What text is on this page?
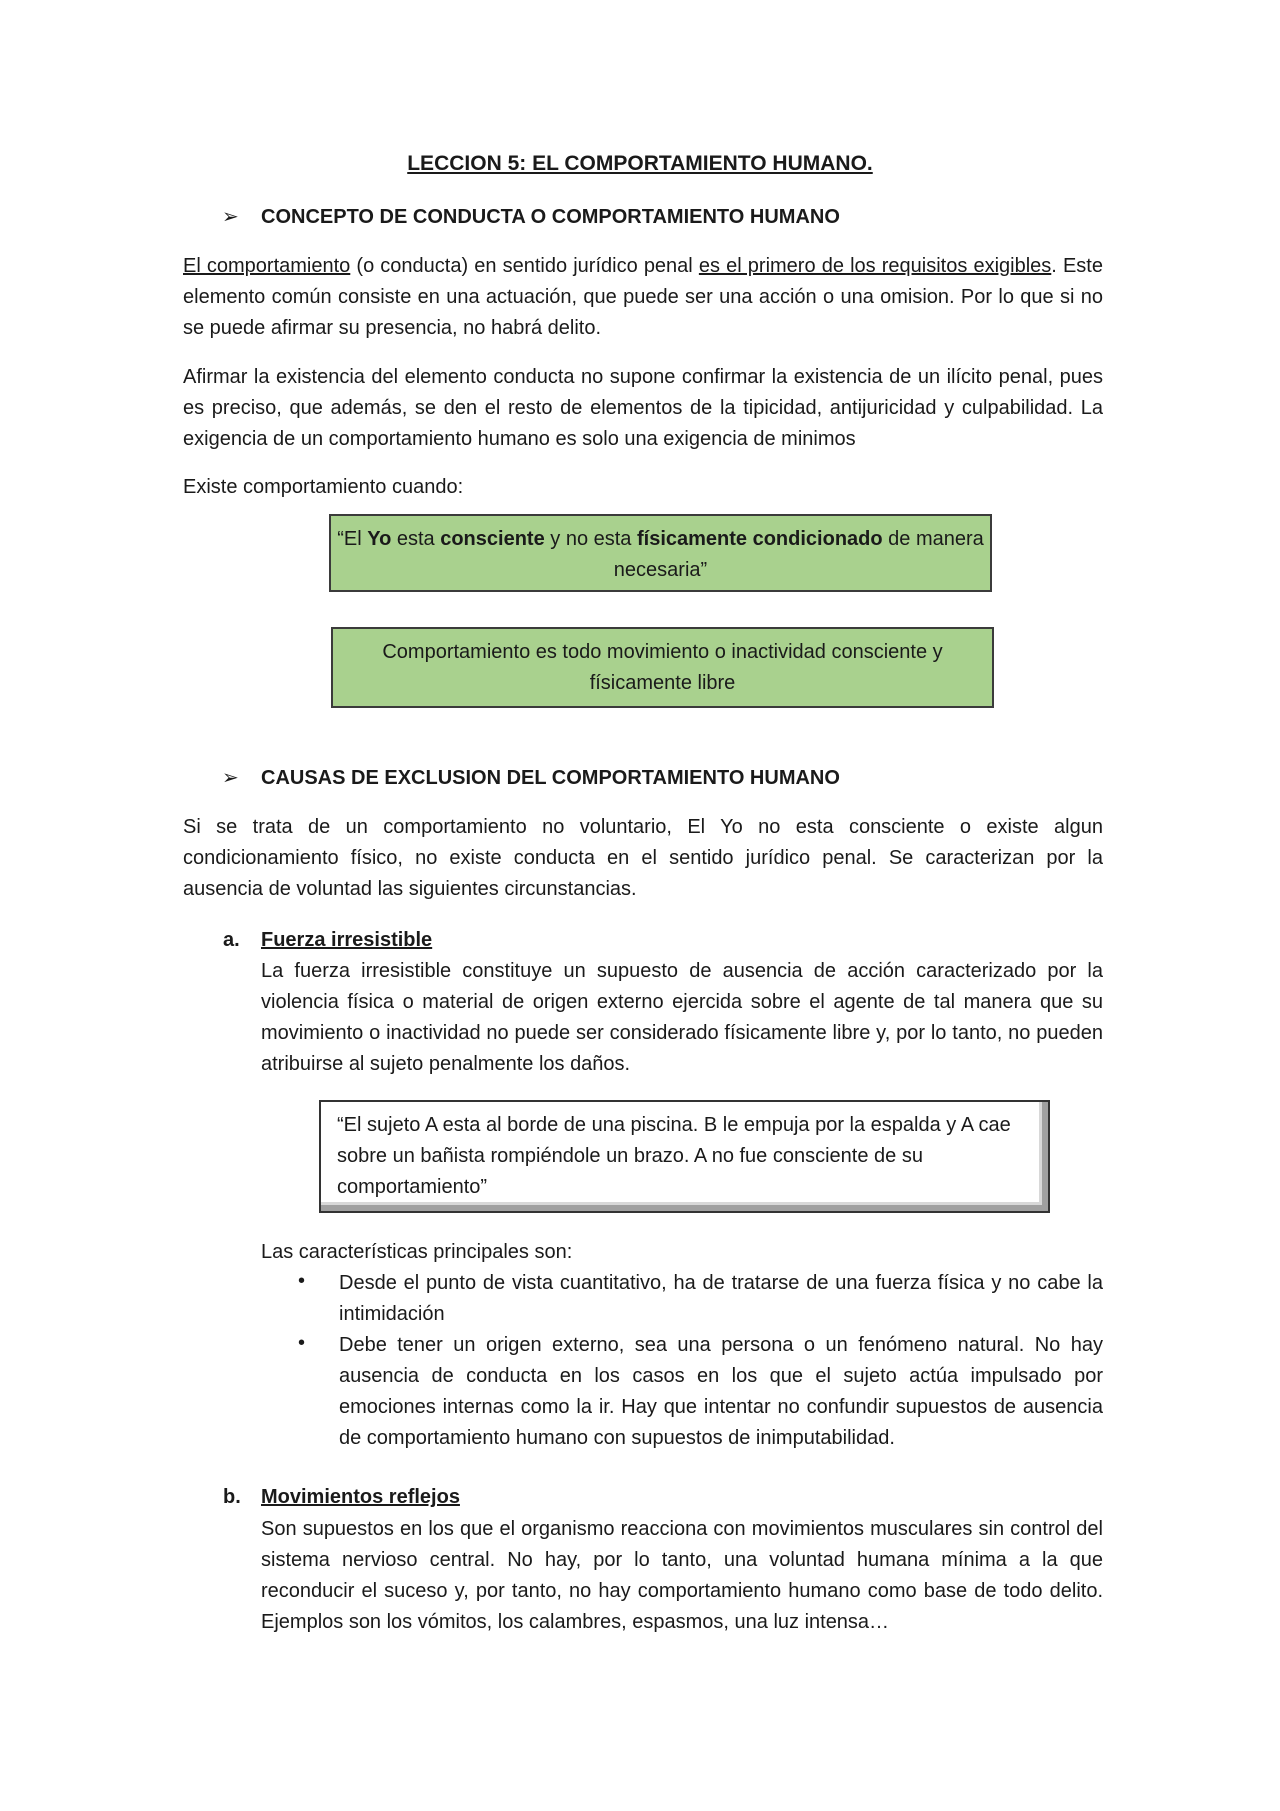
LECCION 5: EL COMPORTAMIENTO HUMANO.
➢ CONCEPTO DE CONDUCTA O COMPORTAMIENTO HUMANO
El comportamiento (o conducta) en sentido jurídico penal es el primero de los requisitos exigibles. Este elemento común consiste en una actuación, que puede ser una acción o una omision. Por lo que si no se puede afirmar su presencia, no habrá delito.
Afirmar la existencia del elemento conducta no supone confirmar la existencia de un ilícito penal, pues es preciso, que además, se den el resto de elementos de la tipicidad, antijuricidad y culpabilidad. La exigencia de un comportamiento humano es solo una exigencia de minimos
Existe comportamiento cuando:
“El Yo esta consciente y no esta físicamente condicionado de manera necesaria”
Comportamiento es todo movimiento o inactividad consciente y físicamente libre
➢ CAUSAS DE EXCLUSION DEL COMPORTAMIENTO HUMANO
Si se trata de un comportamiento no voluntario, El Yo no esta consciente o existe algun condicionamiento físico, no existe conducta en el sentido jurídico penal. Se caracterizan por la ausencia de voluntad las siguientes circunstancias.
a. Fuerza irresistible
La fuerza irresistible constituye un supuesto de ausencia de acción caracterizado por la violencia física o material de origen externo ejercida sobre el agente de tal manera que su movimiento o inactividad no puede ser considerado físicamente libre y, por lo tanto, no pueden atribuirse al sujeto penalmente los daños.
“El sujeto A esta al borde de una piscina. B le empuja por la espalda y A cae sobre un bañista rompiéndole un brazo. A no fue consciente de su comportamiento”
Las características principales son:
• Desde el punto de vista cuantitativo, ha de tratarse de una fuerza física y no cabe la intimidación
• Debe tener un origen externo, sea una persona o un fenómeno natural. No hay ausencia de conducta en los casos en los que el sujeto actúa impulsado por emociones internas como la ir. Hay que intentar no confundir supuestos de ausencia de comportamiento humano con supuestos de inimputabilidad.
b. Movimientos reflejos
Son supuestos en los que el organismo reacciona con movimientos musculares sin control del sistema nervioso central. No hay, por lo tanto, una voluntad humana mínima a la que reconducir el suceso y, por tanto, no hay comportamiento humano como base de todo delito. Ejemplos son los vómitos, los calambres, espasmos, una luz intensa…
